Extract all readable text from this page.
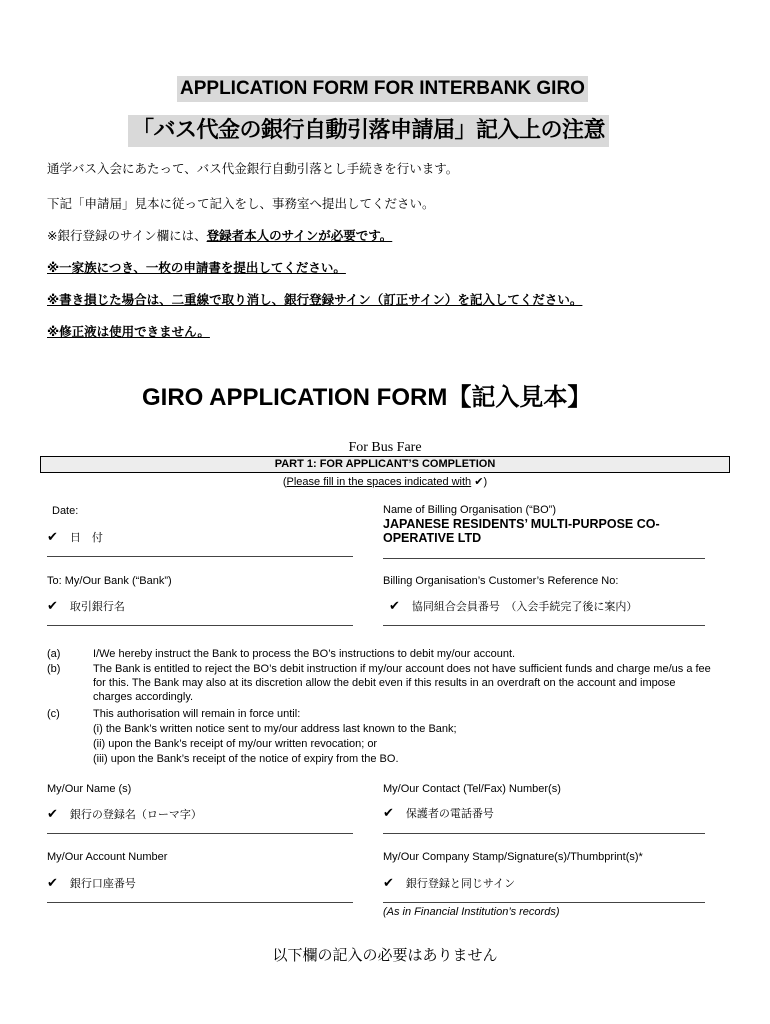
APPLICATION FORM FOR INTERBANK GIRO
「バス代金の銀行自動引落申請届」記入上の注意
通学バス入会にあたって、バス代金銀行自動引落とし手続きを行います。
下記「申請届」見本に従って記入をし、事務室へ提出してください。
※銀行登録のサイン欄には、登録者本人のサインが必要です。
※一家族につき、一枚の申請書を提出してください。
※書き損じた場合は、二重線で取り消し、銀行登録サイン（訂正サイン）を記入してください。
※修正液は使用できません。
GIRO APPLICATION FORM【記入見本】
For Bus Fare
PART 1: FOR APPLICANT’S COMPLETION
(Please fill in the spaces indicated with ✔)
Date:
✔ 日　付
Name of Billing Organisation (“BO”)
JAPANESE RESIDENTS’ MULTI-PURPOSE CO-OPERATIVE LTD
To: My/Our Bank (“Bank”)
✔ 取引銀行名
Billing Organisation’s Customer’s Reference No:
✔ 協同組合会員番号　（入会手続完了後に案内）
(a)	I/We hereby instruct the Bank to process the BO’s instructions to debit my/our account.
(b)	The Bank is entitled to reject the BO’s debit instruction if my/our account does not have sufficient funds and charge me/us a fee for this. The Bank may also at its discretion allow the debit even if this results in an overdraft on the account and impose charges accordingly.
(c)	This authorisation will remain in force until:
(i) the Bank’s written notice sent to my/our address last known to the Bank;
(ii) upon the Bank’s receipt of my/our written revocation; or
(iii) upon the Bank’s receipt of the notice of expiry from the BO.
My/Our Name (s)
✔ 銀行の登録名（ローマ字）
My/Our Contact (Tel/Fax) Number(s)
✔ 保護者の電話番号
My/Our Account Number
✔ 銀行口座番号
My/Our Company Stamp/Signature(s)/Thumbprint(s)*
✔ 銀行登録と同じサイン
(As in Financial Institution’s records)
以下欄の記入の必要はありません
